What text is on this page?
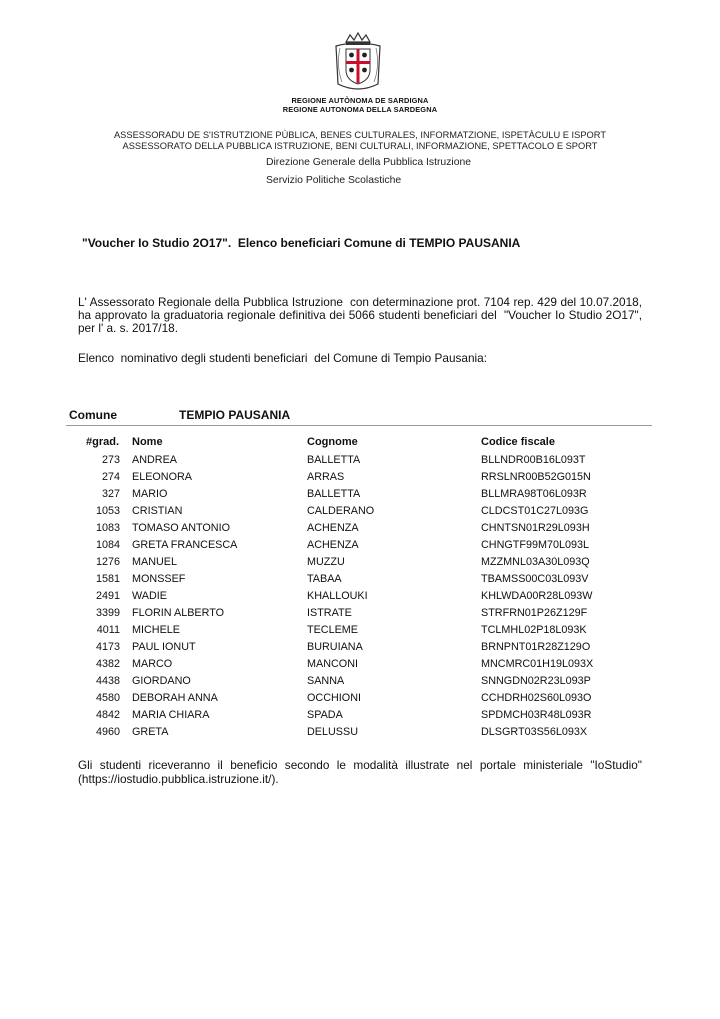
REGIONE AUTÒNOMA DE SARDIGNA
REGIONE AUTONOMA DELLA SARDEGNA
ASSESSORADU DE S'ISTRUTZIONE PÙBLICA, BENES CULTURALES, INFORMATZIONE, ISPETÀCULU E ISPORT
ASSESSORATO DELLA PUBBLICA ISTRUZIONE, BENI CULTURALI, INFORMAZIONE, SPETTACOLO E SPORT
Direzione Generale della Pubblica Istruzione
Servizio Politiche Scolastiche
"Voucher Io Studio 2O17".  Elenco beneficiari Comune di TEMPIO PAUSANIA
L' Assessorato Regionale della Pubblica Istruzione  con determinazione prot. 7104 rep. 429 del 10.07.2018, ha approvato la graduatoria regionale definitiva dei 5066 studenti beneficiari del  "Voucher Io Studio 2O17",   per l' a. s. 2017/18.
Elenco  nominativo degli studenti beneficiari  del Comune di Tempio Pausania:
Comune	TEMPIO PAUSANIA
#grad. Nome	Cognome	Codice fiscale
273 ANDREA	BALLETTA	BLLNDR00B16L093T
274 ELEONORA	ARRAS	RRSLNR00B52G015N
327 MARIO	BALLETTA	BLLMRA98T06L093R
1053 CRISTIAN	CALDERANO	CLDCST01C27L093G
1083 TOMASO ANTONIO	ACHENZA	CHNTSN01R29L093H
1084 GRETA FRANCESCA	ACHENZA	CHNGTF99M70L093L
1276 MANUEL	MUZZU	MZZMNL03A30L093Q
1581 MONSSEF	TABAA	TBAMSS00C03L093V
2491 WADIE	KHALLOUKI	KHLWDA00R28L093W
3399 FLORIN ALBERTO	ISTRATE	STRFRN01P26Z129F
4011 MICHELE	TECLEME	TCLMHL02P18L093K
4173 PAUL IONUT	BURUIANA	BRNPNT01R28Z129O
4382 MARCO	MANCONI	MNCMRC01H19L093X
4438 GIORDANO	SANNA	SNNGDN02R23L093P
4580 DEBORAH ANNA	OCCHIONI	CCHDRH02S60L093O
4842 MARIA CHIARA	SPADA	SPDMCH03R48L093R
4960 GRETA	DELUSSU	DLSGRT03S56L093X
Gli studenti riceveranno il beneficio secondo le modalità illustrate nel portale ministeriale "IoStudio" (https://iostudio.pubblica.istruzione.it/).
